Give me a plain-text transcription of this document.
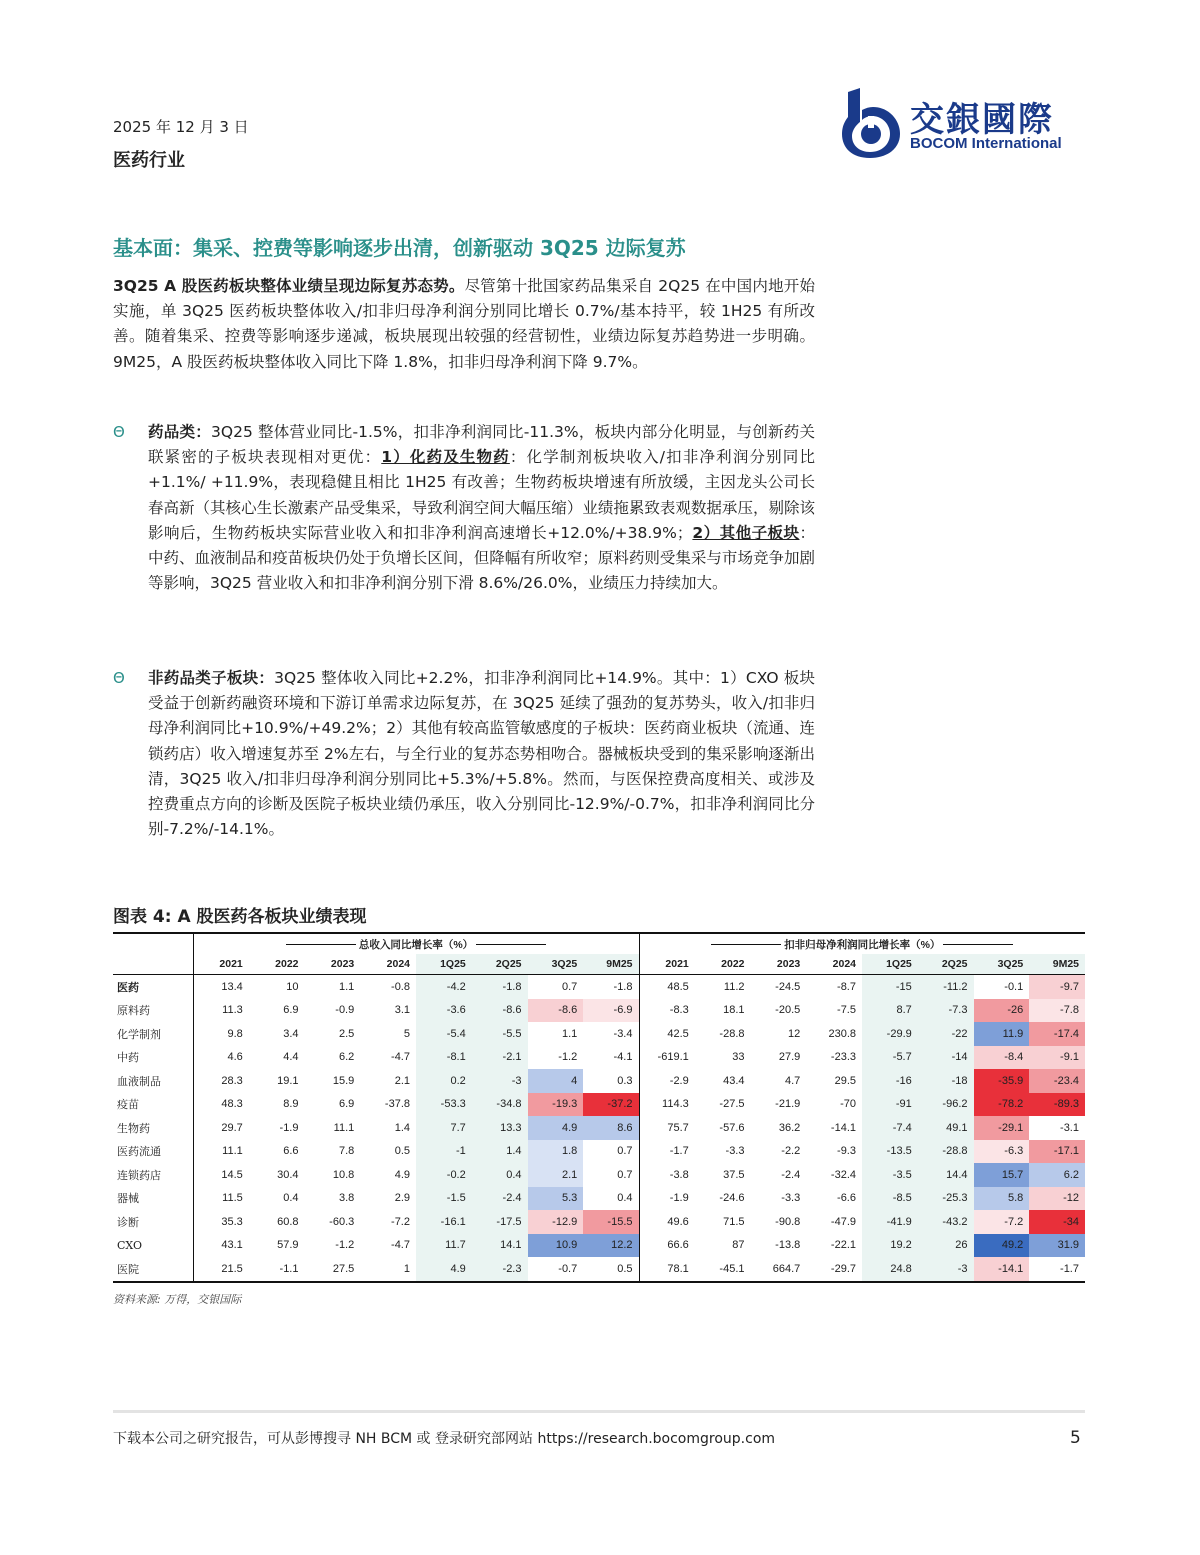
2025 年 12 月 3 日
医药行业
交銀國際
BOCOM International
基本面：集采、控费等影响逐步出清，创新驱动 3Q25 边际复苏
3Q25 A 股医药板块整体业绩呈现边际复苏态势。尽管第十批国家药品集采自 2Q25 在中国内地开始实施，单 3Q25 医药板块整体收入/扣非归母净利润分别同比增长 0.7%/基本持平，较 1H25 有所改善。随着集采、控费等影响逐步递减，板块展现出较强的经营韧性，业绩边际复苏趋势进一步明确。9M25，A 股医药板块整体收入同比下降 1.8%，扣非归母净利润下降 9.7%。
Θ 药品类：3Q25 整体营业同比-1.5%，扣非净利润同比-11.3%，板块内部分化明显，与创新药关联紧密的子板块表现相对更优：1）化药及生物药：化学制剂板块收入/扣非净利润分别同比+1.1%/ +11.9%，表现稳健且相比 1H25 有改善；生物药板块增速有所放缓，主因龙头公司长春高新（其核心生长激素产品受集采，导致利润空间大幅压缩）业绩拖累致表观数据承压，剔除该影响后，生物药板块实际营业收入和扣非净利润高速增长+12.0%/+38.9%；2）其他子板块：中药、血液制品和疫苗板块仍处于负增长区间，但降幅有所收窄；原料药则受集采与市场竞争加剧等影响，3Q25 营业收入和扣非净利润分别下滑 8.6%/26.0%，业绩压力持续加大。
Θ 非药品类子板块：3Q25 整体收入同比+2.2%，扣非净利润同比+14.9%。其中：1）CXO 板块受益于创新药融资环境和下游订单需求边际复苏，在 3Q25 延续了强劲的复苏势头，收入/扣非归母净利润同比+10.9%/+49.2%；2）其他有较高监管敏感度的子板块：医药商业板块（流通、连锁药店）收入增速复苏至 2%左右，与全行业的复苏态势相吻合。器械板块受到的集采影响逐渐出清，3Q25 收入/扣非归母净利润分别同比+5.3%/+5.8%。然而，与医保控费高度相关、或涉及控费重点方向的诊断及医院子板块业绩仍承压，收入分别同比-12.9%/-0.7%，扣非净利润同比分别-7.2%/-14.1%。
图表 4: A 股医药各板块业绩表现
	总收入同比增长率（%）								扣非归母净利润同比增长率（%）							
	2021	2022	2023	2024	1Q25	2Q25	3Q25	9M25	2021	2022	2023	2024	1Q25	2Q25	3Q25	9M25
医药	13.4	10	1.1	-0.8	-4.2	-1.8	0.7	-1.8	48.5	11.2	-24.5	-8.7	-15	-11.2	-0.1	-9.7
原料药	11.3	6.9	-0.9	3.1	-3.6	-8.6	-8.6	-6.9	-8.3	18.1	-20.5	-7.5	8.7	-7.3	-26	-7.8
化学制剂	9.8	3.4	2.5	5	-5.4	-5.5	1.1	-3.4	42.5	-28.8	12	230.8	-29.9	-22	11.9	-17.4
中药	4.6	4.4	6.2	-4.7	-8.1	-2.1	-1.2	-4.1	-619.1	33	27.9	-23.3	-5.7	-14	-8.4	-9.1
血液制品	28.3	19.1	15.9	2.1	0.2	-3	4	0.3	-2.9	43.4	4.7	29.5	-16	-18	-35.9	-23.4
疫苗	48.3	8.9	6.9	-37.8	-53.3	-34.8	-19.3	-37.2	114.3	-27.5	-21.9	-70	-91	-96.2	-78.2	-89.3
生物药	29.7	-1.9	11.1	1.4	7.7	13.3	4.9	8.6	75.7	-57.6	36.2	-14.1	-7.4	49.1	-29.1	-3.1
医药流通	11.1	6.6	7.8	0.5	-1	1.4	1.8	0.7	-1.7	-3.3	-2.2	-9.3	-13.5	-28.8	-6.3	-17.1
连锁药店	14.5	30.4	10.8	4.9	-0.2	0.4	2.1	0.7	-3.8	37.5	-2.4	-32.4	-3.5	14.4	15.7	6.2
器械	11.5	0.4	3.8	2.9	-1.5	-2.4	5.3	0.4	-1.9	-24.6	-3.3	-6.6	-8.5	-25.3	5.8	-12
诊断	35.3	60.8	-60.3	-7.2	-16.1	-17.5	-12.9	-15.5	49.6	71.5	-90.8	-47.9	-41.9	-43.2	-7.2	-34
CXO	43.1	57.9	-1.2	-4.7	11.7	14.1	10.9	12.2	66.6	87	-13.8	-22.1	19.2	26	49.2	31.9
医院	21.5	-1.1	27.5	1	4.9	-2.3	-0.7	0.5	78.1	-45.1	664.7	-29.7	24.8	-3	-14.1	-1.7
资料来源: 万得，交银国际
下载本公司之研究报告，可从彭博搜寻 NH BCM 或 登录研究部网站 https://research.bocomgroup.com	5
